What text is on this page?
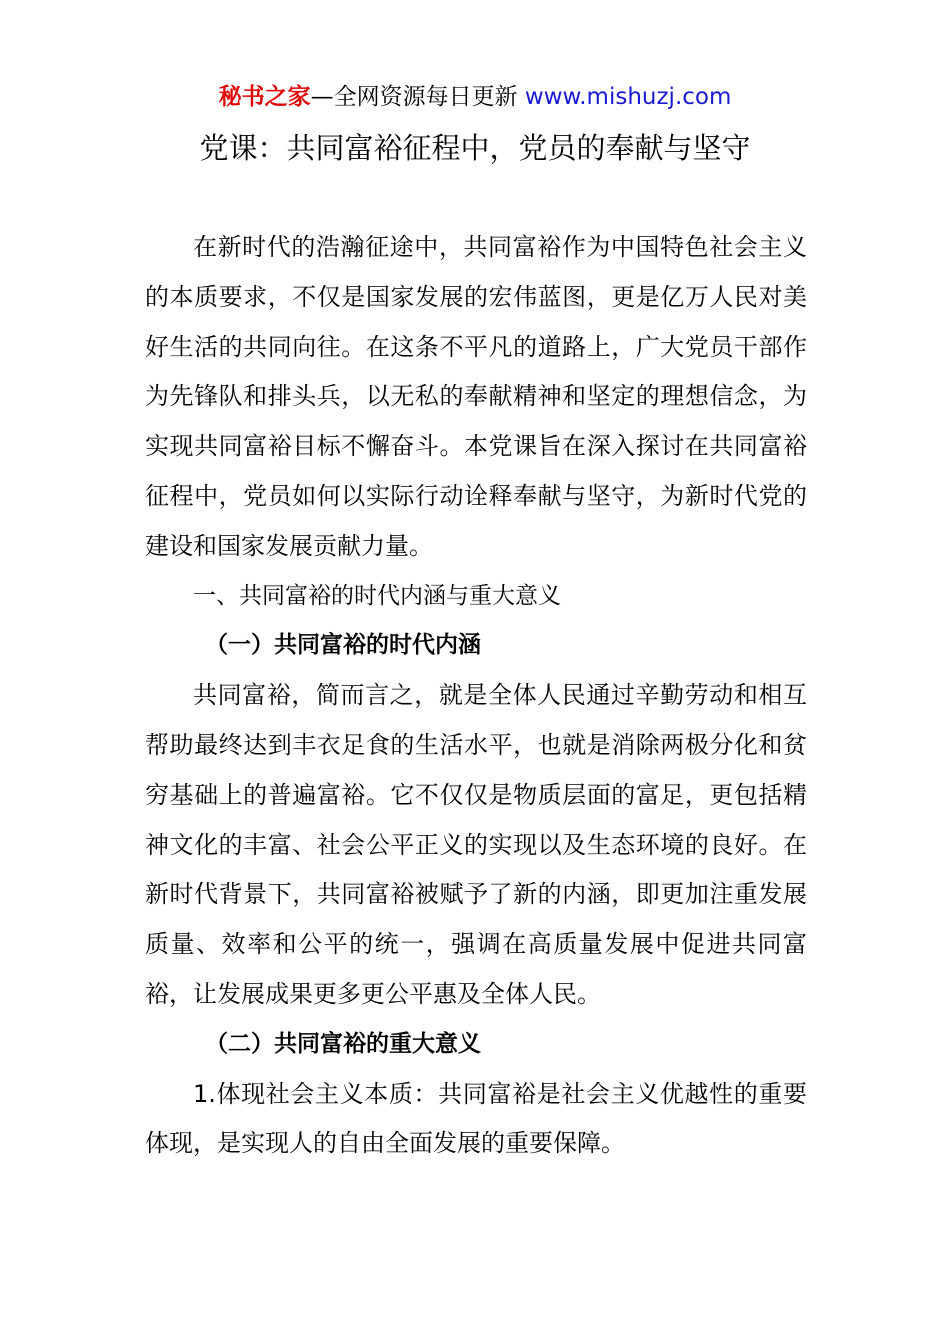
秘书之家—全网资源每日更新 www.mishuzj.com
党课：共同富裕征程中，党员的奉献与坚守

在新时代的浩瀚征途中，共同富裕作为中国特色社会主义的本质要求，不仅是国家发展的宏伟蓝图，更是亿万人民对美好生活的共同向往。在这条不平凡的道路上，广大党员干部作为先锋队和排头兵，以无私的奉献精神和坚定的理想信念，为实现共同富裕目标不懈奋斗。本党课旨在深入探讨在共同富裕征程中，党员如何以实际行动诠释奉献与坚守，为新时代党的建设和国家发展贡献力量。

一、共同富裕的时代内涵与重大意义

（一）共同富裕的时代内涵

共同富裕，简而言之，就是全体人民通过辛勤劳动和相互帮助最终达到丰衣足食的生活水平，也就是消除两极分化和贫穷基础上的普遍富裕。它不仅仅是物质层面的富足，更包括精神文化的丰富、社会公平正义的实现以及生态环境的良好。在新时代背景下，共同富裕被赋予了新的内涵，即更加注重发展质量、效率和公平的统一，强调在高质量发展中促进共同富裕，让发展成果更多更公平惠及全体人民。

（二）共同富裕的重大意义

1.体现社会主义本质：共同富裕是社会主义优越性的重要体现，是实现人的自由全面发展的重要保障。
